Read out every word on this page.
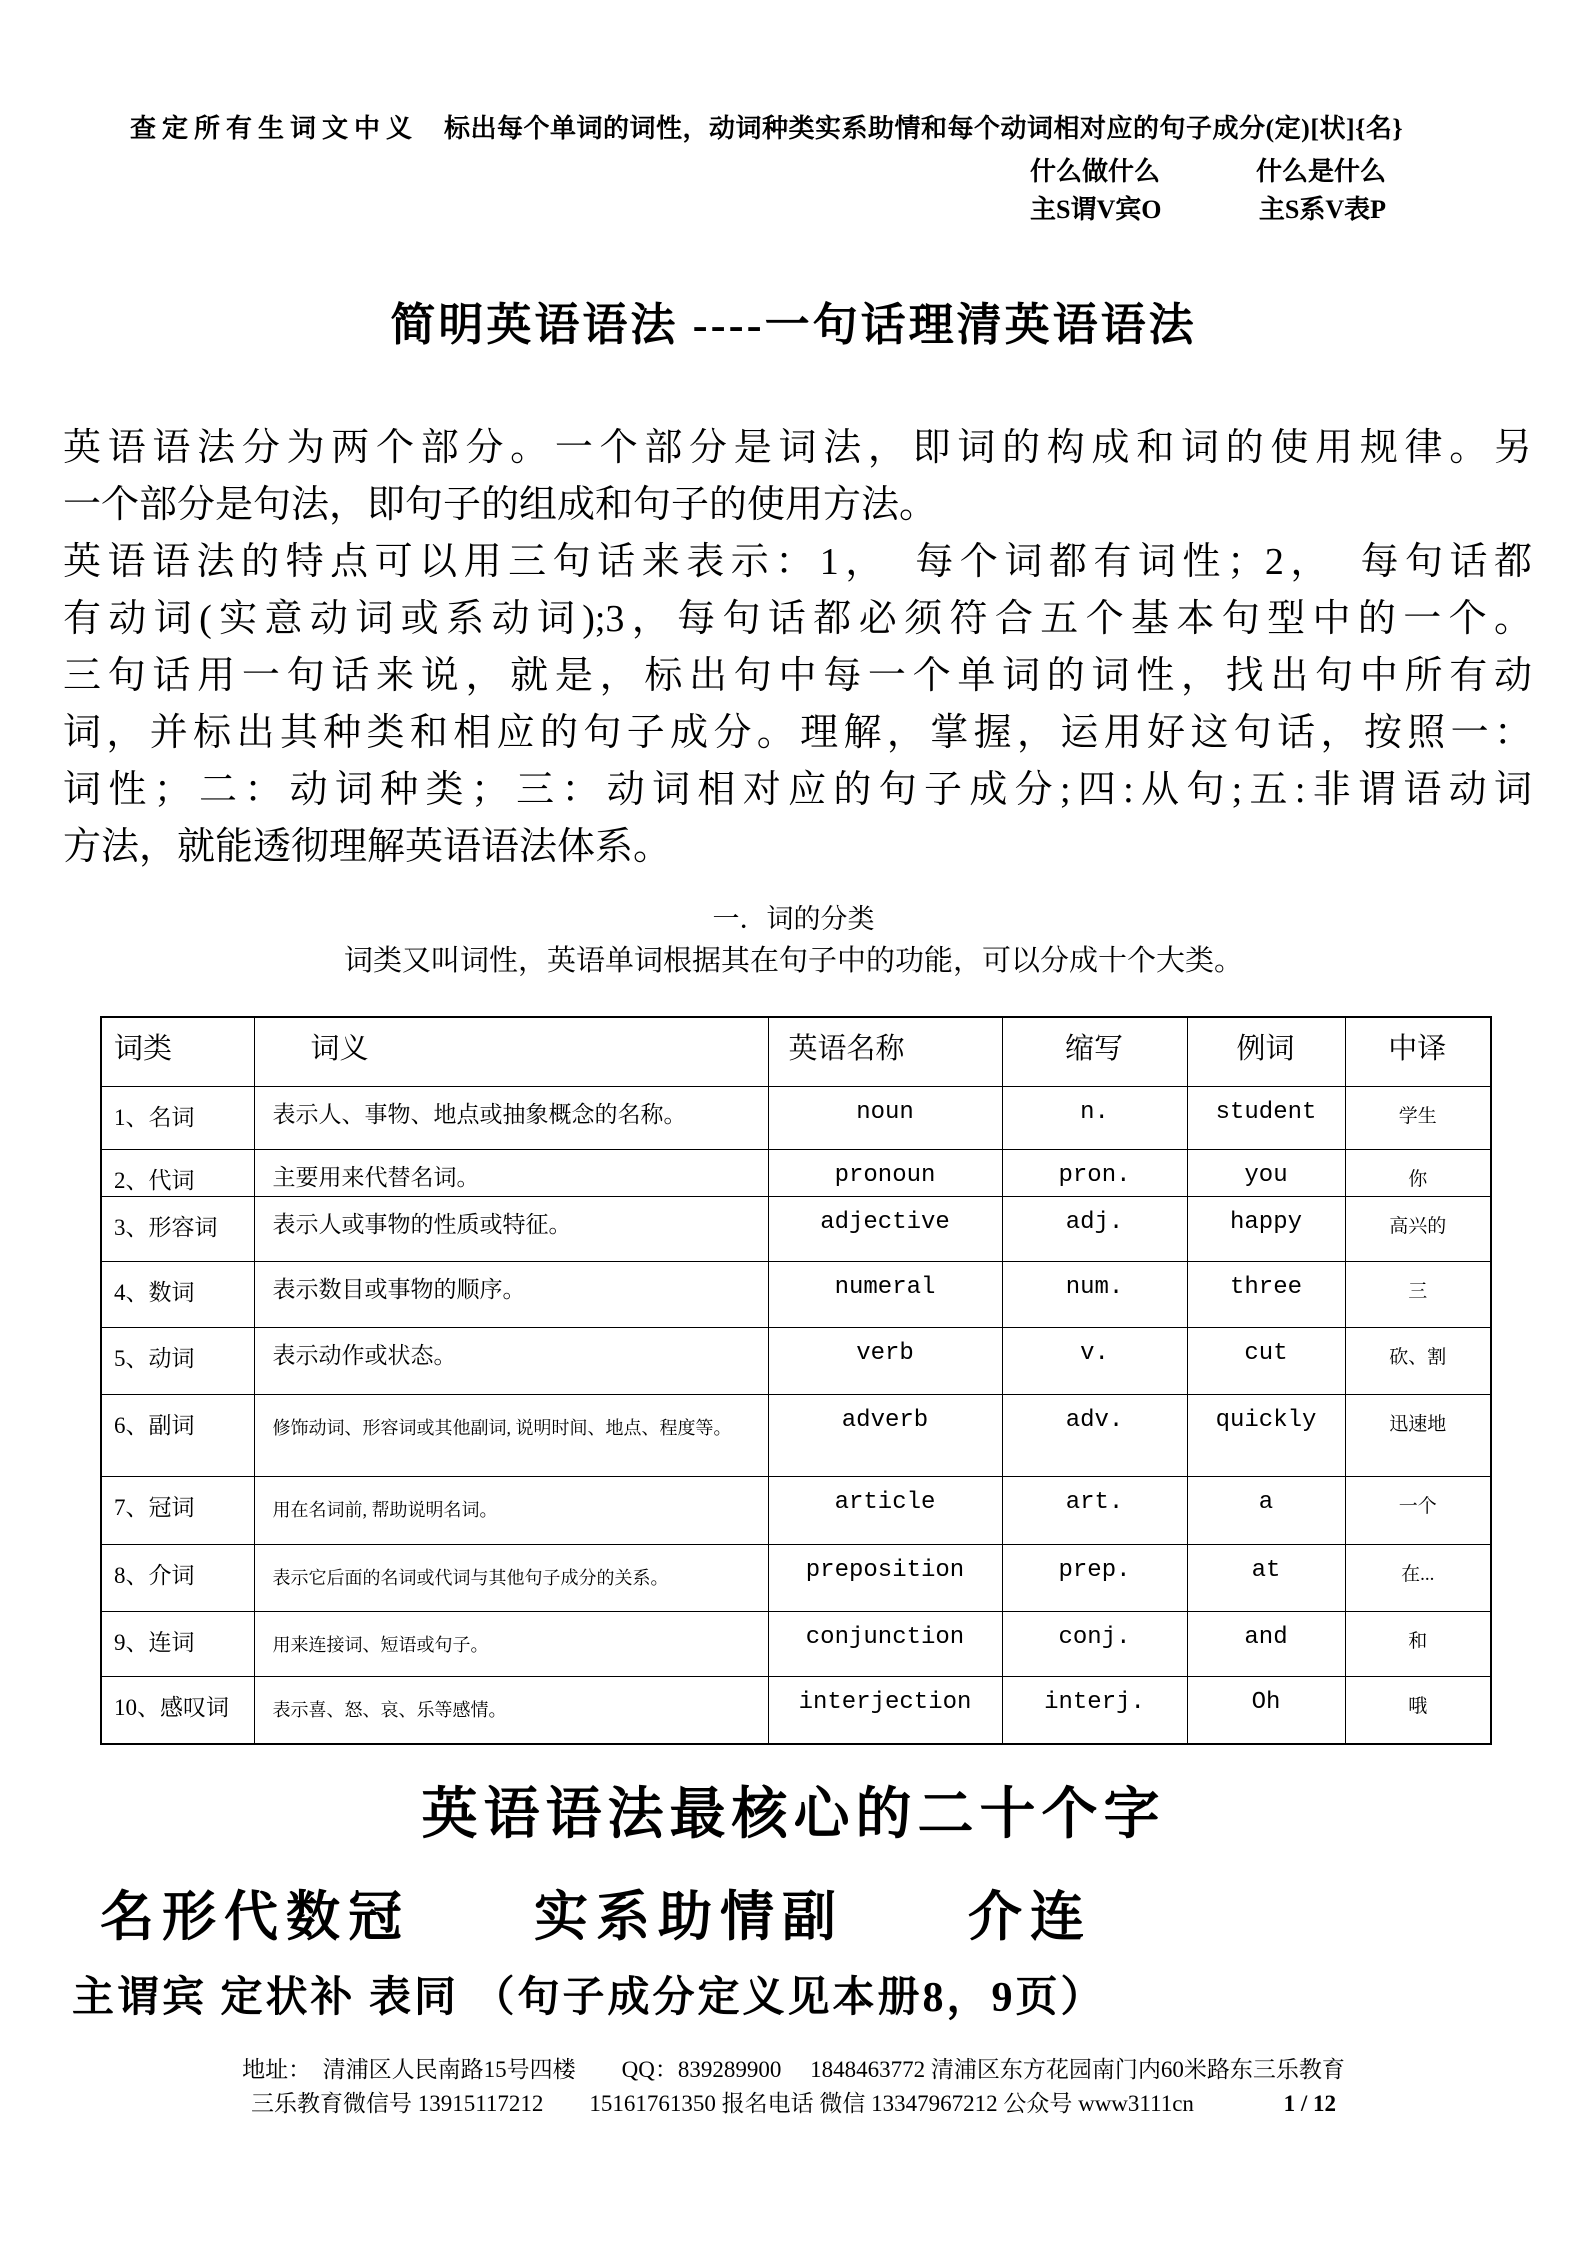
查定所有生词文中义 标出每个单词的词性，动词种类实系助情和每个动词相对应的句子成分(定)[状]{名}
什么做什么	什么是什么
主S谓V宾O	主S系V表P
简明英语语法 ----一句话理清英语语法
英语语法分为两个部分。一个部分是词法，即词的构成和词的使用规律。另
一个部分是句法，即句子的组成和句子的使用方法。
英语语法的特点可以用三句话来表示：1，　每个词都有词性；2，　每句话都
有动词(实意动词或系动词);3，每句话都必须符合五个基本句型中的一个。
三句话用一句话来说，就是，标出句中每一个单词的词性，找出句中所有动
词，并标出其种类和相应的句子成分。理解，掌握，运用好这句话，按照一：
词性；二：动词种类；三：动词相对应的句子成分;四:从句;五:非谓语动词
方法，就能透彻理解英语语法体系。
一．词的分类
词类又叫词性，英语单词根据其在句子中的功能，可以分成十个大类。
词类	词义	英语名称	缩写	例词	中译
1、名词	表示人、事物、地点或抽象概念的名称。	noun	n.	student	学生
2、代词	主要用来代替名词。	pronoun	pron.	you	你
3、形容词	表示人或事物的性质或特征。	adjective	adj.	happy	高兴的
4、数词	表示数目或事物的顺序。	numeral	num.	three	三
5、动词	表示动作或状态。	verb	v.	cut	砍、割
6、副词	修饰动词、形容词或其他副词, 说明时间、地点、程度等。	adverb	adv.	quickly	迅速地
7、冠词	用在名词前, 帮助说明名词。	article	art.	a	一个
8、介词	表示它后面的名词或代词与其他句子成分的关系。	preposition	prep.	at	在...
9、连词	用来连接词、短语或句子。	conjunction	conj.	and	和
10、感叹词	表示喜、怒、哀、乐等感情。	interjection	interj.	Oh	哦
英语语法最核心的二十个字
名形代数冠　　实系助情副　　介连
主谓宾 定状补 表同 （句子成分定义见本册8，9页）
地址：　清浦区人民南路15号四楼　　QQ：839289900　 1848463772 清浦区东方花园南门内60米路东三乐教育
三乐教育微信号 13915117212　　15161761350 报名电话 微信 13347967212 公众号 www3111cn	1 / 12
